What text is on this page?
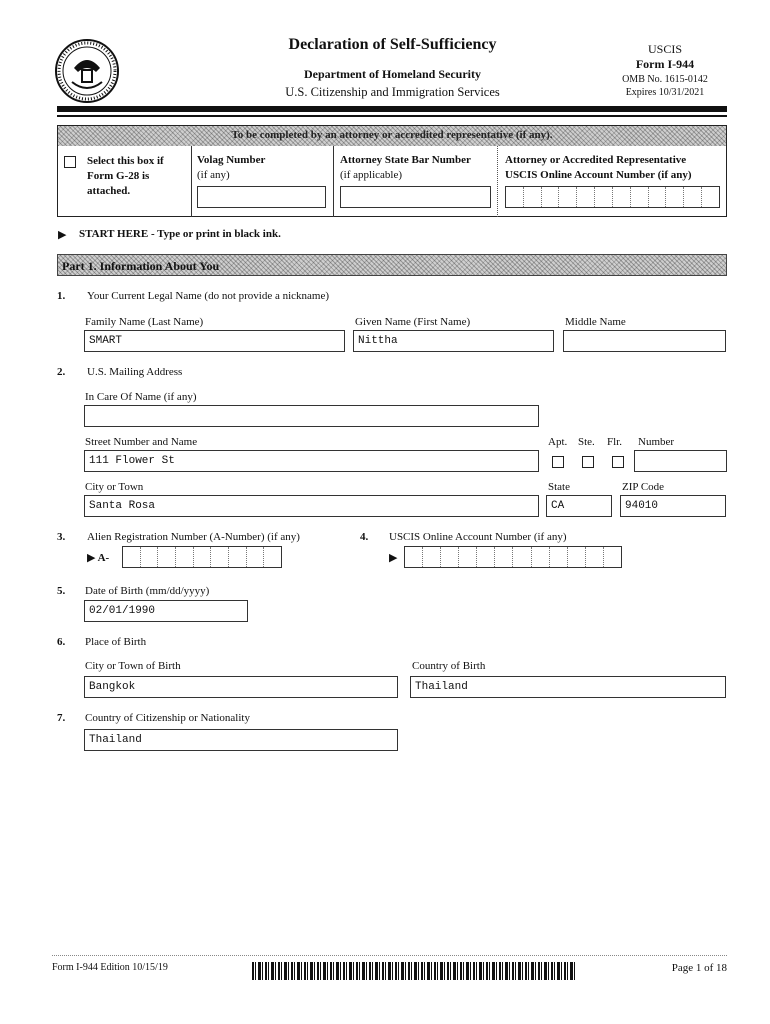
Declaration of Self-Sufficiency
Department of Homeland Security
U.S. Citizenship and Immigration Services
USCIS
Form I-944
OMB No. 1615-0142
Expires 10/31/2021
To be completed by an attorney or accredited representative (if any).
Select this box if Form G-28 is attached.
Volag Number
(if any)
Attorney State Bar Number
(if applicable)
Attorney or Accredited Representative
USCIS Online Account Number (if any)
▶ START HERE - Type or print in black ink.
Part 1. Information About You
1. Your Current Legal Name (do not provide a nickname)
Family Name (Last Name)
SMART
Given Name (First Name)
Nittha
Middle Name
2. U.S. Mailing Address
In Care Of Name (if any)
Street Number and Name
111 Flower St
Apt. Ste. Flr. Number
City or Town
Santa Rosa
State
CA
ZIP Code
94010
3. Alien Registration Number (A-Number) (if any)
▶ A-
4. USCIS Online Account Number (if any)
▶
5. Date of Birth (mm/dd/yyyy)
02/01/1990
6. Place of Birth
City or Town of Birth
Bangkok
Country of Birth
Thailand
7. Country of Citizenship or Nationality
Thailand
Form I-944 Edition 10/15/19	Page 1 of 18
